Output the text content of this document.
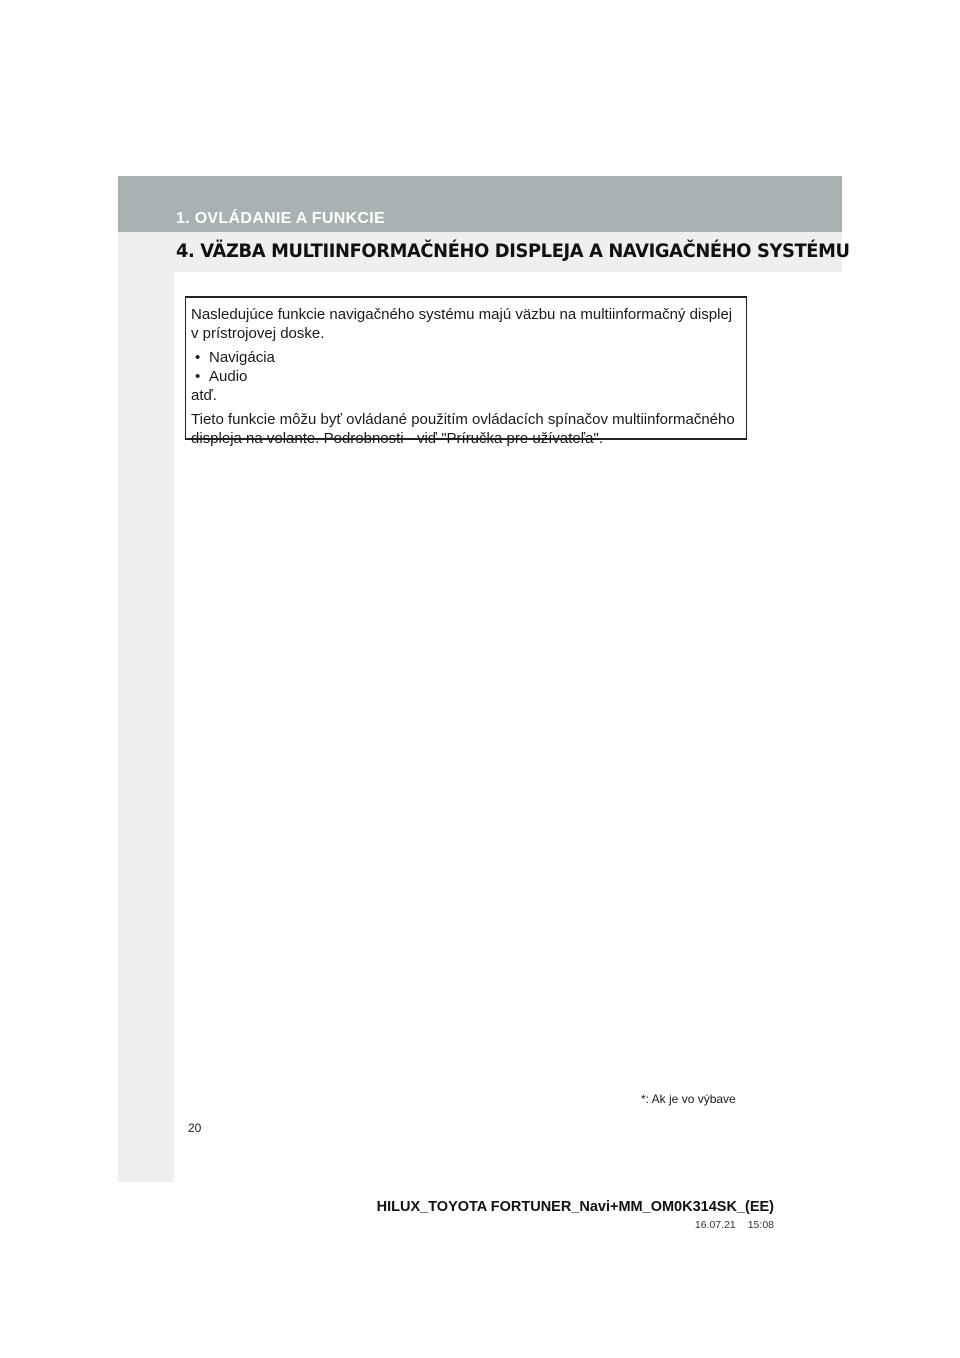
1. OVLÁDANIE A FUNKCIE
4. VÄZBA MULTIINFORMAČNÉHO DISPLEJA A NAVIGAČNÉHO SYSTÉMU

Nasledujúce funkcie navigačného systému majú väzbu na multiinformačný displej
v prístrojovej doske.

• Navigácia

• Audio

atď.

Tieto funkcie môžu byť ovládané použitím ovládacích spínačov multiinformačného
displeja na volante. Podrobnosti - viď "Príručka pre užívateľa".

*: Ak je vo výbave
20
HILUX_TOYOTA FORTUNER_Navi+MM_OM0K314SK_(EE)
16.07.21 15:08
